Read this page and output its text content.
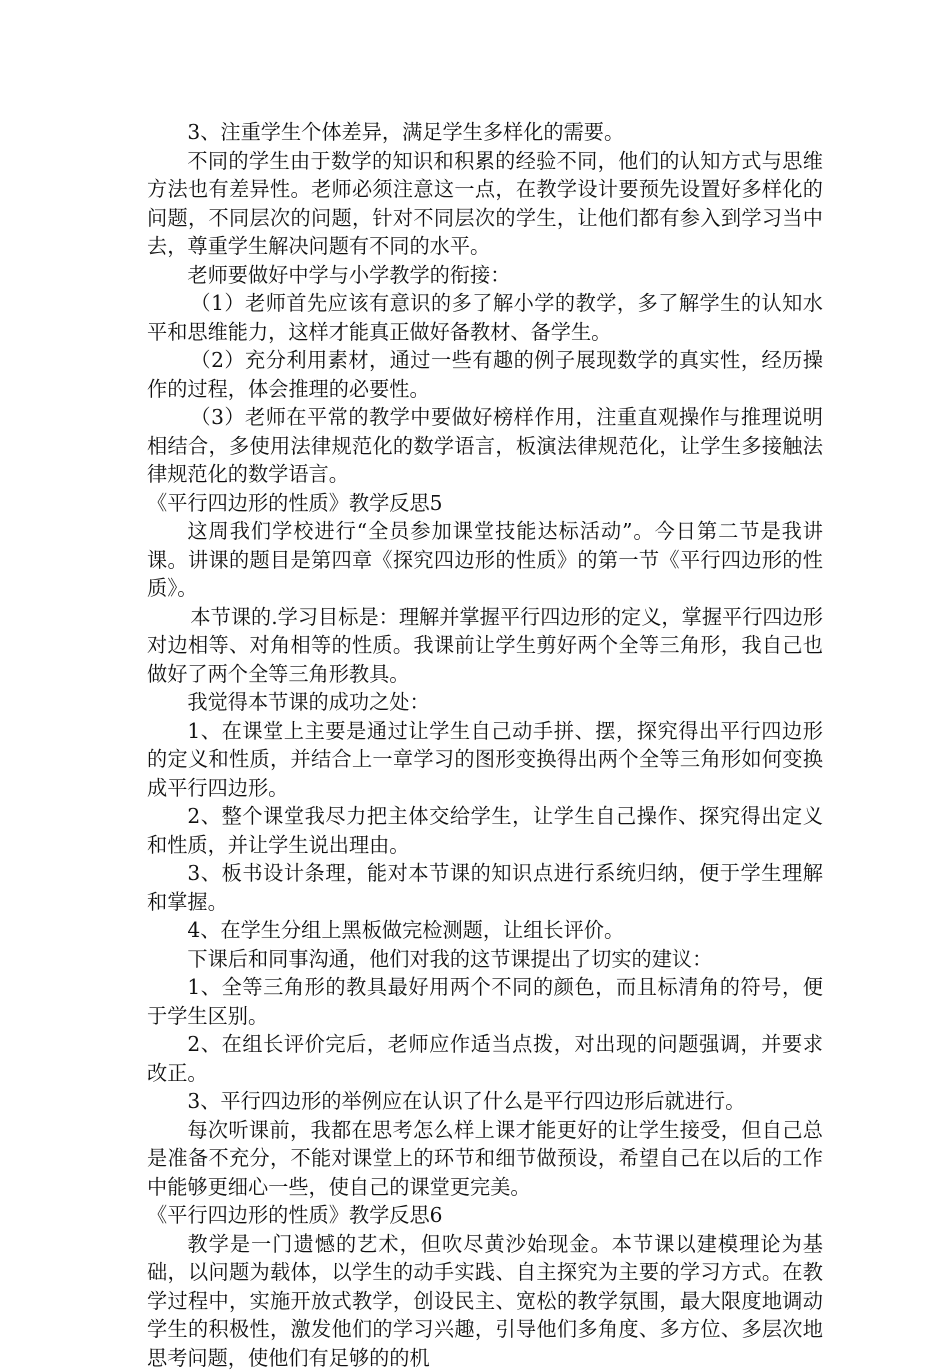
3、注重学生个体差异，满足学生多样化的需要。

不同的学生由于数学的知识和积累的经验不同，他们的认知方式与思维方法也有差异性。老师必须注意这一点，在教学设计要预先设置好多样化的问题，不同层次的问题，针对不同层次的学生，让他们都有参入到学习当中去，尊重学生解决问题有不同的水平。

老师要做好中学与小学教学的衔接：

（1）老师首先应该有意识的多了解小学的教学，多了解学生的认知水平和思维能力，这样才能真正做好备教材、备学生。

（2）充分利用素材，通过一些有趣的例子展现数学的真实性，经历操作的过程，体会推理的必要性。

（3）老师在平常的教学中要做好榜样作用，注重直观操作与推理说明相结合，多使用法律规范化的数学语言，板演法律规范化，让学生多接触法律规范化的数学语言。

《平行四边形的性质》教学反思5

这周我们学校进行“全员参加课堂技能达标活动”。今日第二节是我讲课。讲课的题目是第四章《探究四边形的性质》的第一节《平行四边形的性质》。

本节课的.学习目标是：理解并掌握平行四边形的定义，掌握平行四边形对边相等、对角相等的性质。我课前让学生剪好两个全等三角形，我自己也做好了两个全等三角形教具。

我觉得本节课的成功之处：

1、在课堂上主要是通过让学生自己动手拼、摆，探究得出平行四边形的定义和性质，并结合上一章学习的图形变换得出两个全等三角形如何变换成平行四边形。

2、整个课堂我尽力把主体交给学生，让学生自己操作、探究得出定义和性质，并让学生说出理由。

3、板书设计条理，能对本节课的知识点进行系统归纳，便于学生理解和掌握。

4、在学生分组上黑板做完检测题，让组长评价。

下课后和同事沟通，他们对我的这节课提出了切实的建议：

1、全等三角形的教具最好用两个不同的颜色，而且标清角的符号，便于学生区别。

2、在组长评价完后，老师应作适当点拨，对出现的问题强调，并要求改正。

3、平行四边形的举例应在认识了什么是平行四边形后就进行。

每次听课前，我都在思考怎么样上课才能更好的让学生接受，但自己总是准备不充分，不能对课堂上的环节和细节做预设，希望自己在以后的工作中能够更细心一些，使自己的课堂更完美。

《平行四边形的性质》教学反思6

教学是一门遗憾的艺术，但吹尽黄沙始现金。本节课以建模理论为基础，以问题为载体，以学生的动手实践、自主探究为主要的学习方式。在教学过程中，实施开放式教学，创设民主、宽松的教学氛围，最大限度地调动学生的积极性，激发他们的学习兴趣，引导他们多角度、多方位、多层次地思考问题，使他们有足够的的机
